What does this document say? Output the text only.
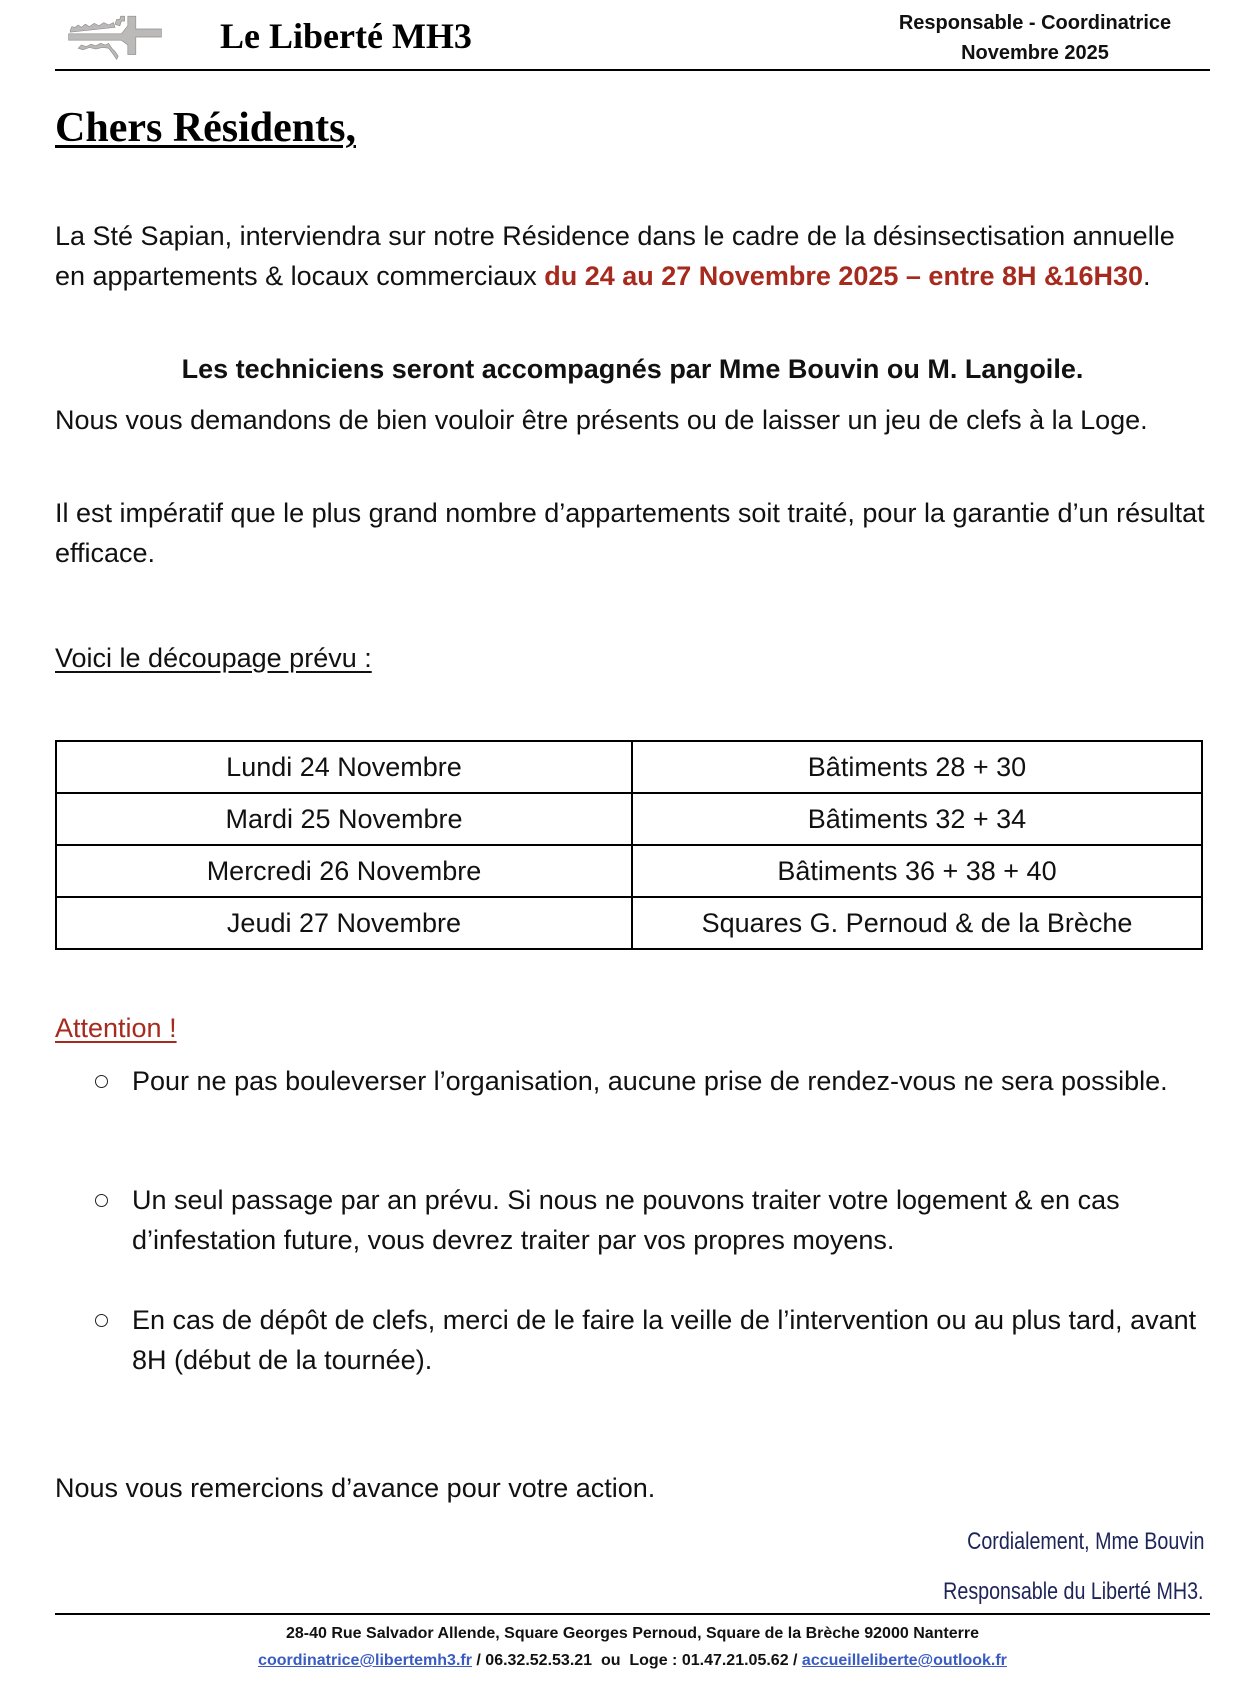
Le Liberté MH3	Responsable - Coordinatrice
Novembre 2025
Chers Résidents,

La Sté Sapian, interviendra sur notre Résidence dans le cadre de la désinsectisation annuelle en appartements & locaux commerciaux du 24 au 27 Novembre 2025 – entre 8H &16H30.

Les techniciens seront accompagnés par Mme Bouvin ou M. Langoile.

Nous vous demandons de bien vouloir être présents ou de laisser un jeu de clefs à la Loge.

Il est impératif que le plus grand nombre d’appartements soit traité, pour la garantie d’un résultat efficace.

Voici le découpage prévu :
Lundi 24 Novembre	Bâtiments 28 + 30
Mardi 25 Novembre	Bâtiments 32 + 34
Mercredi 26 Novembre	Bâtiments 36 + 38 + 40
Jeudi 27 Novembre	Squares G. Pernoud & de la Brèche
Attention !
Pour ne pas bouleverser l’organisation, aucune prise de rendez-vous ne sera possible.
Un seul passage par an prévu. Si nous ne pouvons traiter votre logement & en cas d’infestation future, vous devrez traiter par vos propres moyens.
En cas de dépôt de clefs, merci de le faire la veille de l’intervention ou au plus tard, avant 8H (début de la tournée).
Nous vous remercions d’avance pour votre action.
Cordialement, Mme Bouvin
Responsable du Liberté MH3.
28-40 Rue Salvador Allende, Square Georges Pernoud, Square de la Brèche 92000 Nanterre
coordinatrice@libertemh3.fr / 06.32.52.53.21  ou  Loge : 01.47.21.05.62 / accueilleliberte@outlook.fr
